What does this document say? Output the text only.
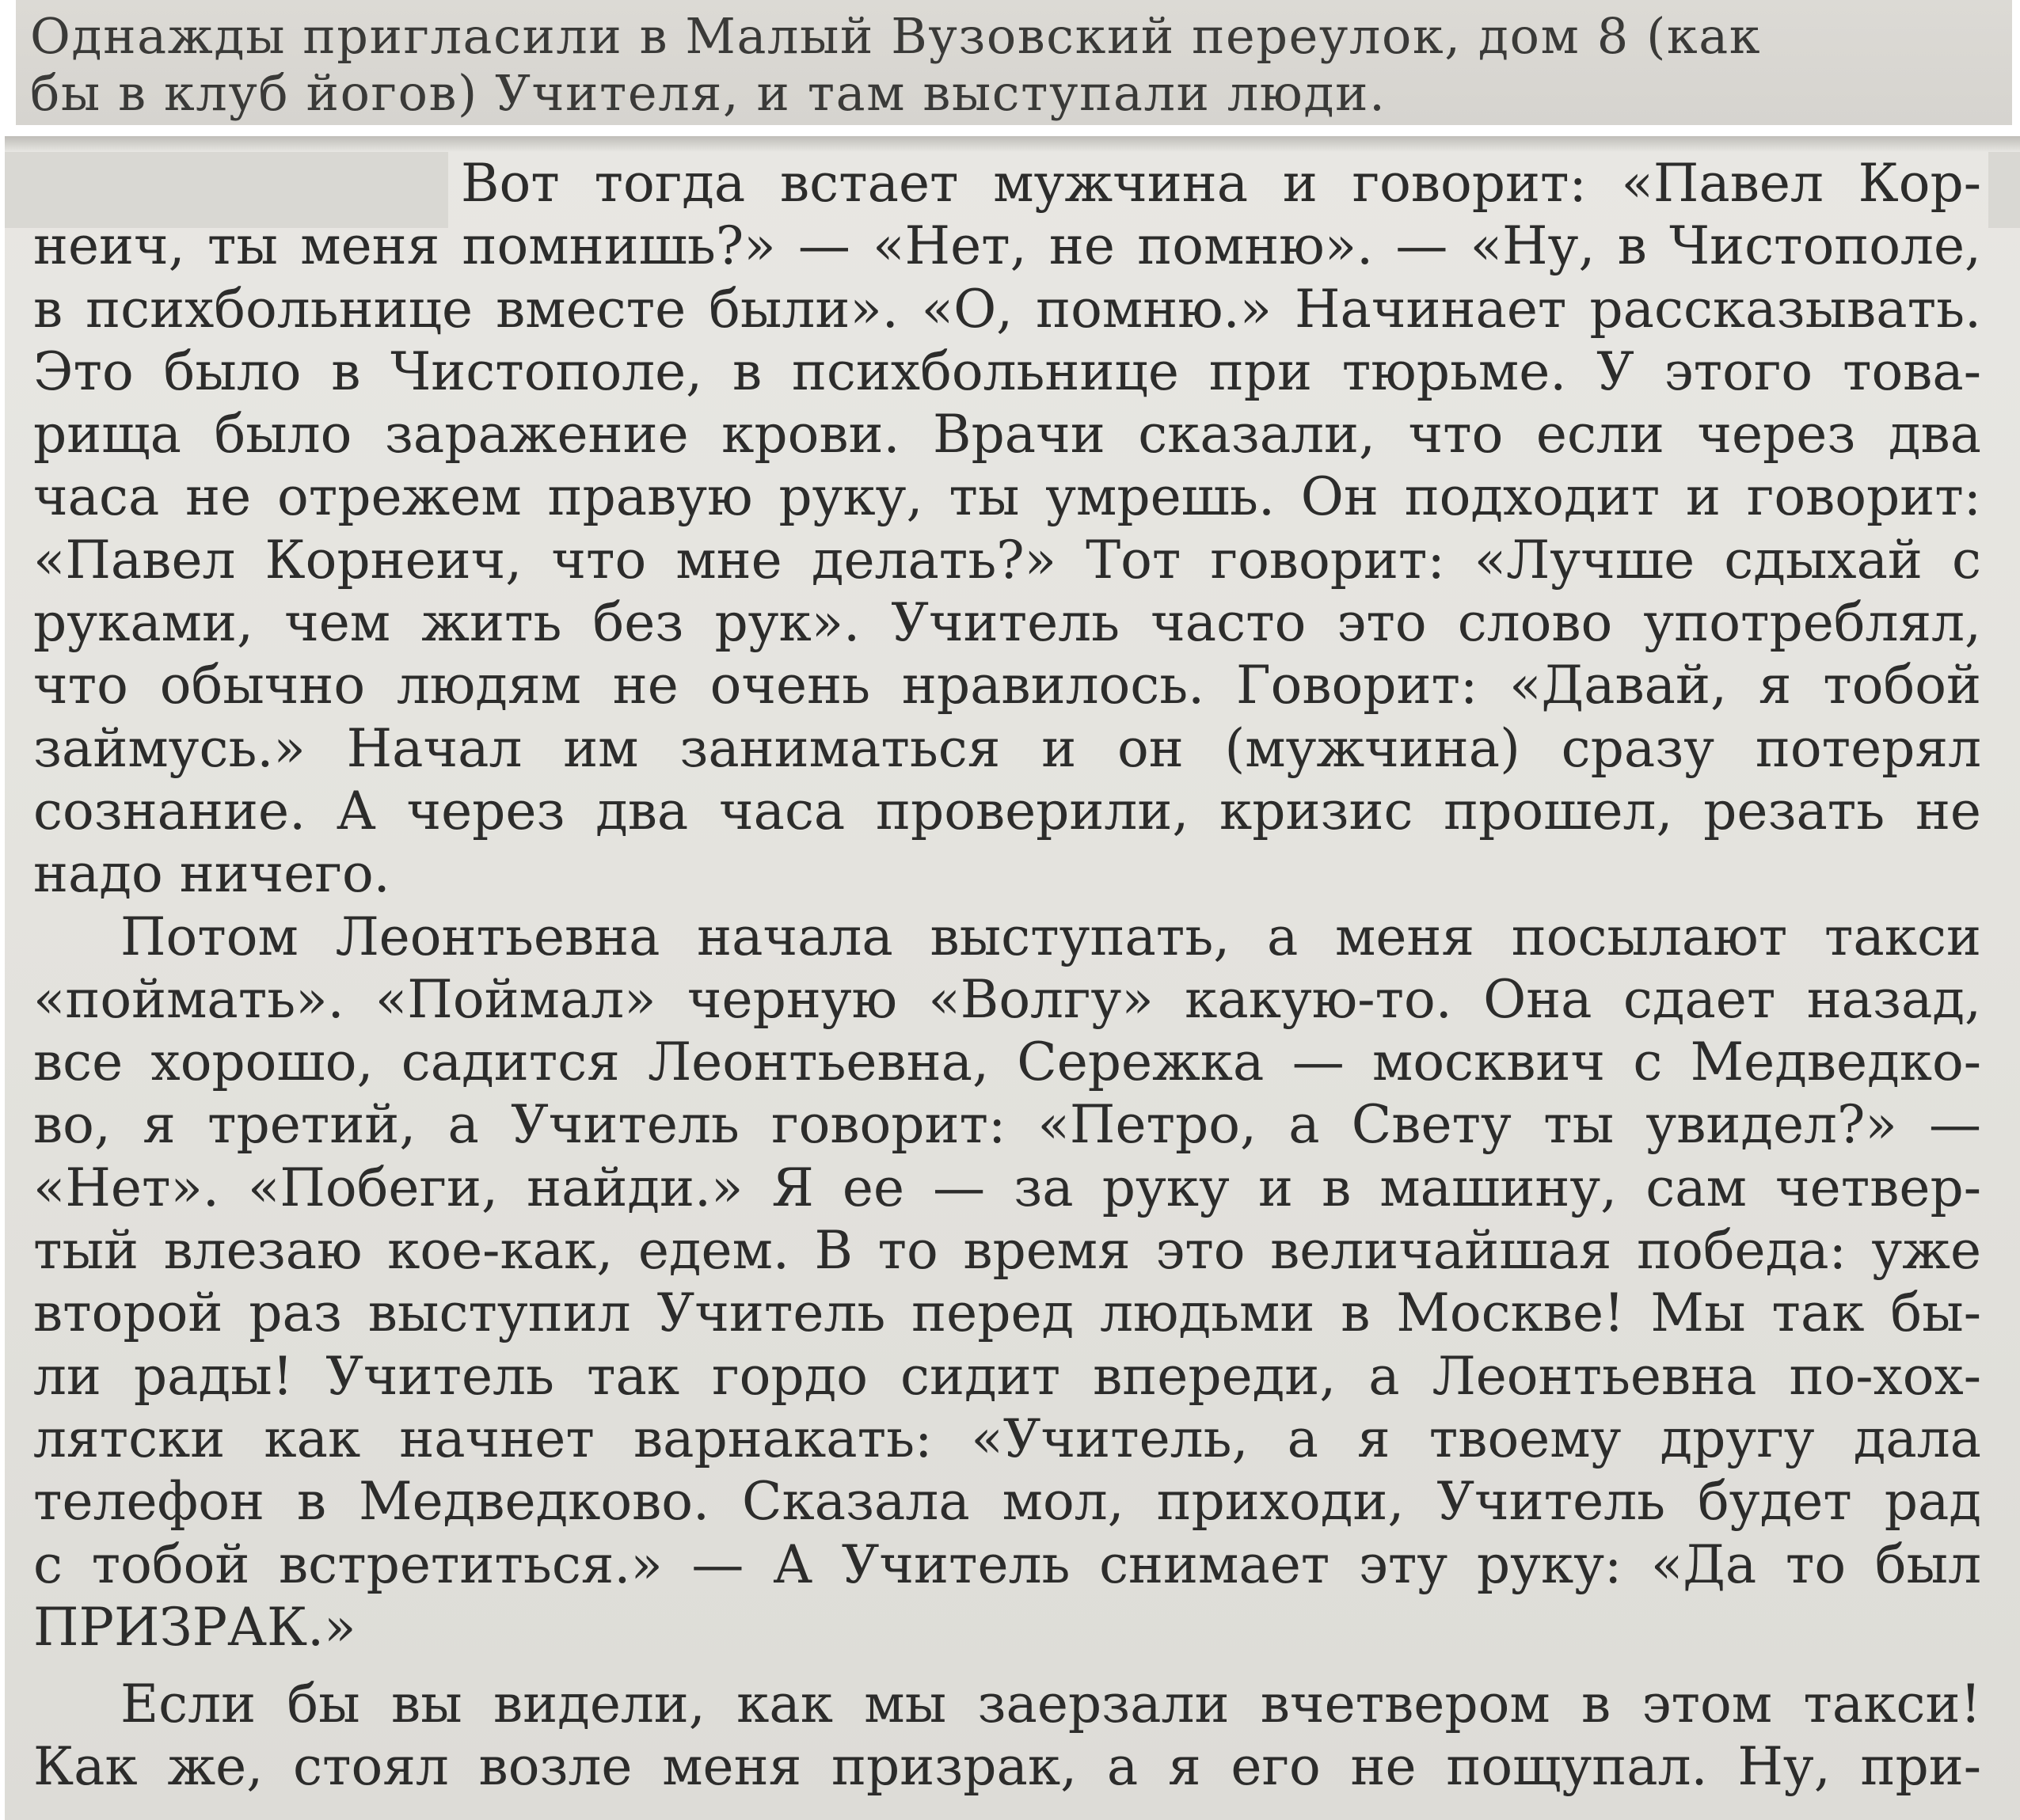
Однажды пригласили в Малый Вузовский переулок, дом 8 (как
бы в клуб йогов) Учителя, и там выступали люди.
Вот тогда встает мужчина и говорит: «Павел Кор-
неич, ты меня помнишь?» — «Нет, не помню». — «Ну, в Чистополе,
в психбольнице вместе были». «О, помню.» Начинает рассказывать.
Это было в Чистополе, в психбольнице при тюрьме. У этого това-
рища было заражение крови. Врачи сказали, что если через два
часа не отрежем правую руку, ты умрешь. Он подходит и говорит:
«Павел Корнеич, что мне делать?» Тот говорит: «Лучше сдыхай с
руками, чем жить без рук». Учитель часто это слово употреблял,
что обычно людям не очень нравилось. Говорит: «Давай, я тобой
займусь.» Начал им заниматься и он (мужчина) сразу потерял
сознание. А через два часа проверили, кризис прошел, резать не
надо ничего.
Потом Леонтьевна начала выступать, а меня посылают такси
«поймать». «Поймал» черную «Волгу» какую-то. Она сдает назад,
все хорошо, садится Леонтьевна, Сережка — москвич с Медведко-
во, я третий, а Учитель говорит: «Петро, а Свету ты увидел?» —
«Нет». «Побеги, найди.» Я ее — за руку и в машину, сам четвер-
тый влезаю кое-как, едем. В то время это величайшая победа: уже
второй раз выступил Учитель перед людьми в Москве! Мы так бы-
ли рады! Учитель так гордо сидит впереди, а Леонтьевна по-хох-
лятски как начнет варнакать: «Учитель, а я твоему другу дала
телефон в Медведково. Сказала мол, приходи, Учитель будет рад
с тобой встретиться.» — А Учитель снимает эту руку: «Да то был
ПРИЗРАК.»
Если бы вы видели, как мы заерзали вчетвером в этом такси!
Как же, стоял возле меня призрак, а я его не пощупал. Ну, при-
